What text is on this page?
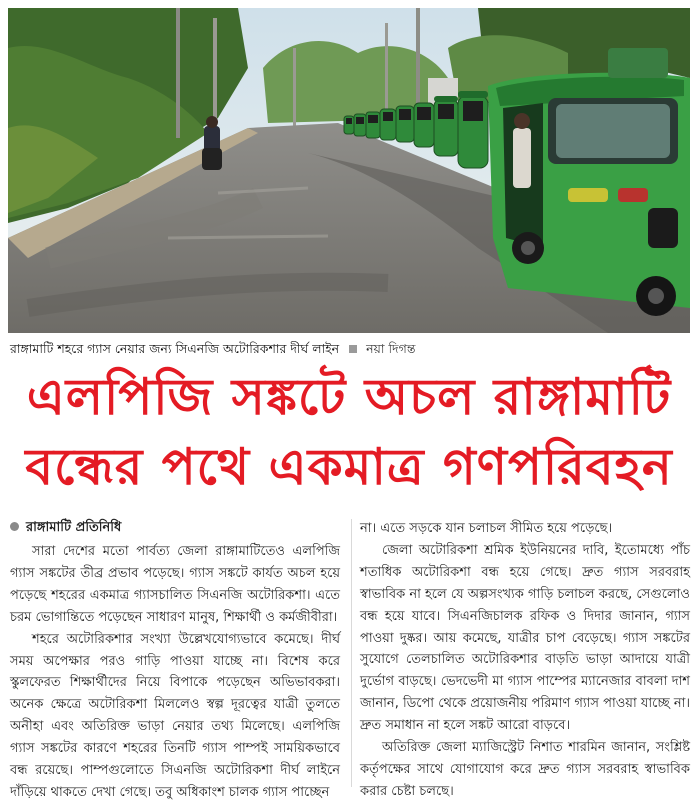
রাঙ্গামাটি শহরে গ্যাস নেয়ার জন্য সিএনজি অটোরিকশার দীর্ঘ লাইন নয়া দিগন্ত
এলপিজি সঙ্কটে অচল রাঙ্গামাটি
বন্ধের পথে একমাত্র গণপরিবহন
রাঙ্গামাটি প্রতিনিধি

সারা দেশের মতো পার্বত্য জেলা রাঙ্গামাটিতেও এলপিজি গ্যাস সঙ্কটের তীব্র প্রভাব পড়েছে। গ্যাস সঙ্কটে কার্যত অচল হয়ে পড়েছে শহরের একমাত্র গ্যাসচালিত সিএনজি অটোরিকশা। এতে চরম ভোগান্তিতে পড়েছেন সাধারণ মানুষ, শিক্ষার্থী ও কর্মজীবীরা।

শহরে অটোরিকশার সংখ্যা উল্লেখযোগ্যভাবে কমেছে। দীর্ঘ সময় অপেক্ষার পরও গাড়ি পাওয়া যাচ্ছে না। বিশেষ করে স্কুলফেরত শিক্ষার্থীদের নিয়ে বিপাকে পড়েছেন অভিভাবকরা। অনেক ক্ষেত্রে অটোরিকশা মিললেও স্বল্প দূরত্বের যাত্রী তুলতে অনীহা এবং অতিরিক্ত ভাড়া নেয়ার তথ্য মিলেছে। এলপিজি গ্যাস সঙ্কটের কারণে শহরের তিনটি গ্যাস পাম্পই সাময়িকভাবে বন্ধ রয়েছে। পাম্পগুলোতে সিএনজি অটোরিকশা দীর্ঘ লাইনে দাঁড়িয়ে থাকতে দেখা গেছে। তবু অধিকাংশ চালক গ্যাস পাচ্ছেন

না। এতে সড়কে যান চলাচল সীমিত হয়ে পড়েছে।

জেলা অটোরিকশা শ্রমিক ইউনিয়নের দাবি, ইতোমধ্যে পাঁচ শতাধিক অটোরিকশা বন্ধ হয়ে গেছে। দ্রুত গ্যাস সরবরাহ স্বাভাবিক না হলে যে অল্পসংখ্যক গাড়ি চলাচল করছে, সেগুলোও বন্ধ হয়ে যাবে। সিএনজিচালক রফিক ও দিদার জানান, গ্যাস পাওয়া দুষ্কর। আয় কমেছে, যাত্রীর চাপ বেড়েছে। গ্যাস সঙ্কটের সুযোগে তেলচালিত অটোরিকশার বাড়তি ভাড়া আদায়ে যাত্রী দুর্ভোগ বাড়ছে। ভেদভেদী মা গ্যাস পাম্পের ম্যানেজার বাবলা দাশ জানান, ডিপো থেকে প্রয়োজনীয় পরিমাণ গ্যাস পাওয়া যাচ্ছে না। দ্রুত সমাধান না হলে সঙ্কট আরো বাড়বে।

অতিরিক্ত জেলা ম্যাজিস্ট্রেট নিশাত শারমিন জানান, সংশ্লিষ্ট কর্তৃপক্ষের সাথে যোগাযোগ করে দ্রুত গ্যাস সরবরাহ স্বাভাবিক করার চেষ্টা চলছে।
